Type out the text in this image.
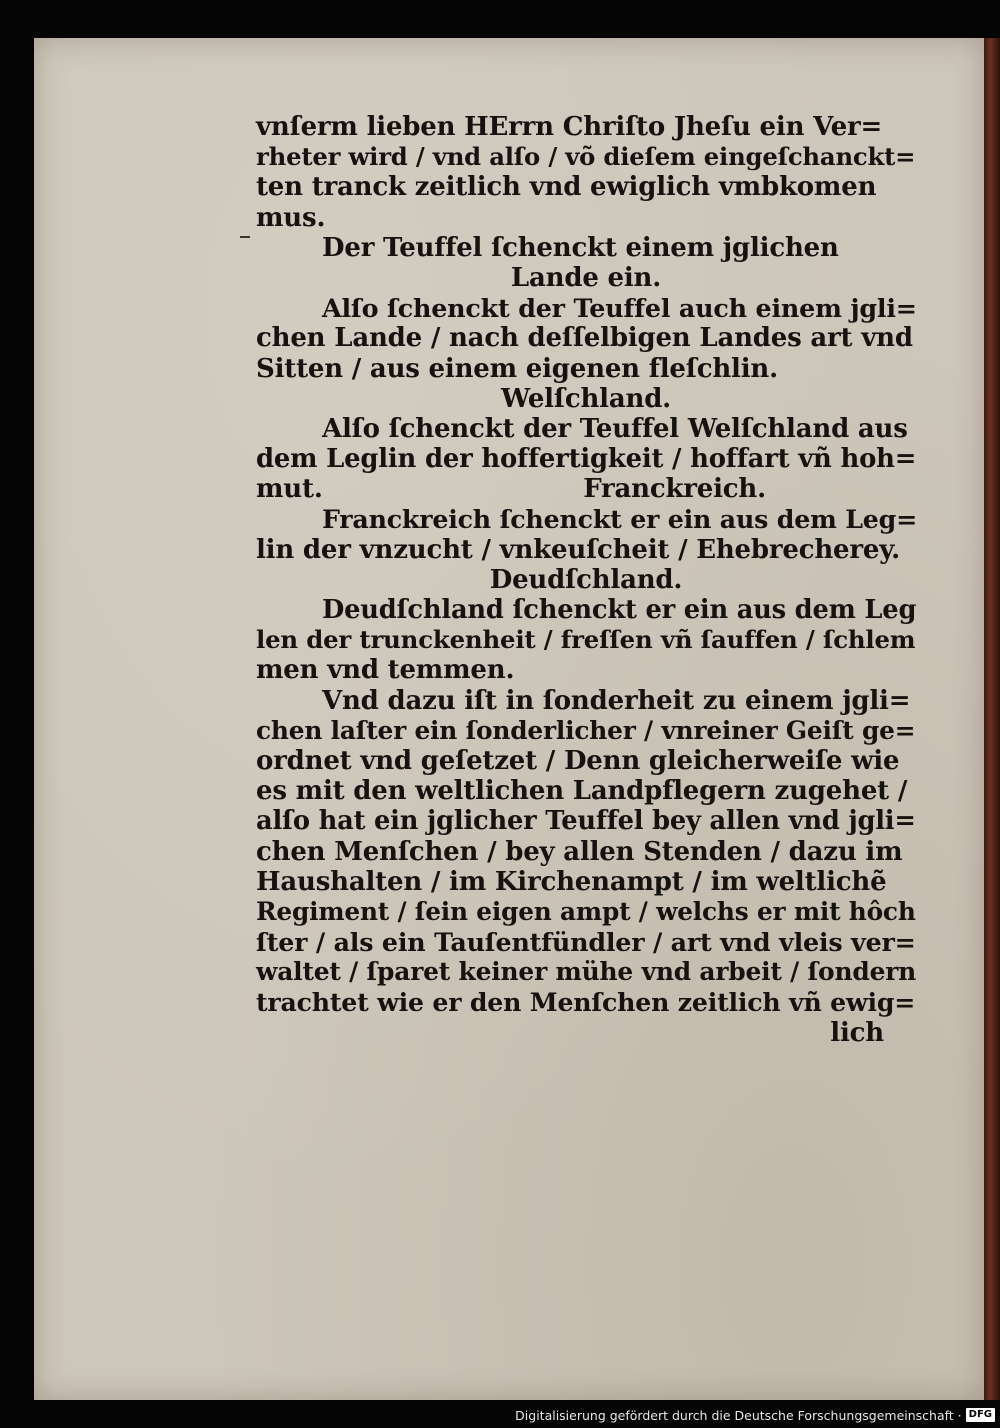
vnſerm lieben HErrn Chriſto Jheſu ein Ver=
rheter wird / vnd alſo / võ dieſem eingeſchanckt=
ten tranck zeitlich vnd ewiglich vmbkomen
mus.
Der Teuffel ſchenckt einem jglichen
Lande ein.
Alſo ſchenckt der Teuffel auch einem jgli=
chen Lande / nach deſſelbigen Landes art vnd
Sitten / aus einem eigenen fleſchlin.
Welſchland.
Alſo ſchenckt der Teuffel Welſchland aus
dem Leglin der hoffertigkeit / hoffart vñ hoh=
mut.	Franckreich.
Franckreich ſchenckt er ein aus dem Leg=
lin der vnzucht / vnkeuſcheit / Ehebrecherey.
Deudſchland.
Deudſchland ſchenckt er ein aus dem Leg
len der trunckenheit / freſſen vñ ſauffen / ſchlem
men vnd temmen.
Vnd dazu iſt in ſonderheit zu einem jgli=
chen laſter ein ſonderlicher / vnreiner Geiſt ge=
ordnet vnd geſetzet / Denn gleicherweiſe wie
es mit den weltlichen Landpflegern zugehet /
alſo hat ein jglicher Teuffel bey allen vnd jgli=
chen Menſchen / bey allen Stenden / dazu im
Haushalten / im Kirchenampt / im weltlichẽ
Regiment / ſein eigen ampt / welchs er mit hôch
ſter / als ein Tauſentfündler / art vnd vleis ver=
waltet / ſparet keiner mühe vnd arbeit / ſondern
trachtet wie er den Menſchen zeitlich vñ ewig=
lich
Digitalisierung gefördert durch die Deutsche Forschungsgemeinschaft · DFG
